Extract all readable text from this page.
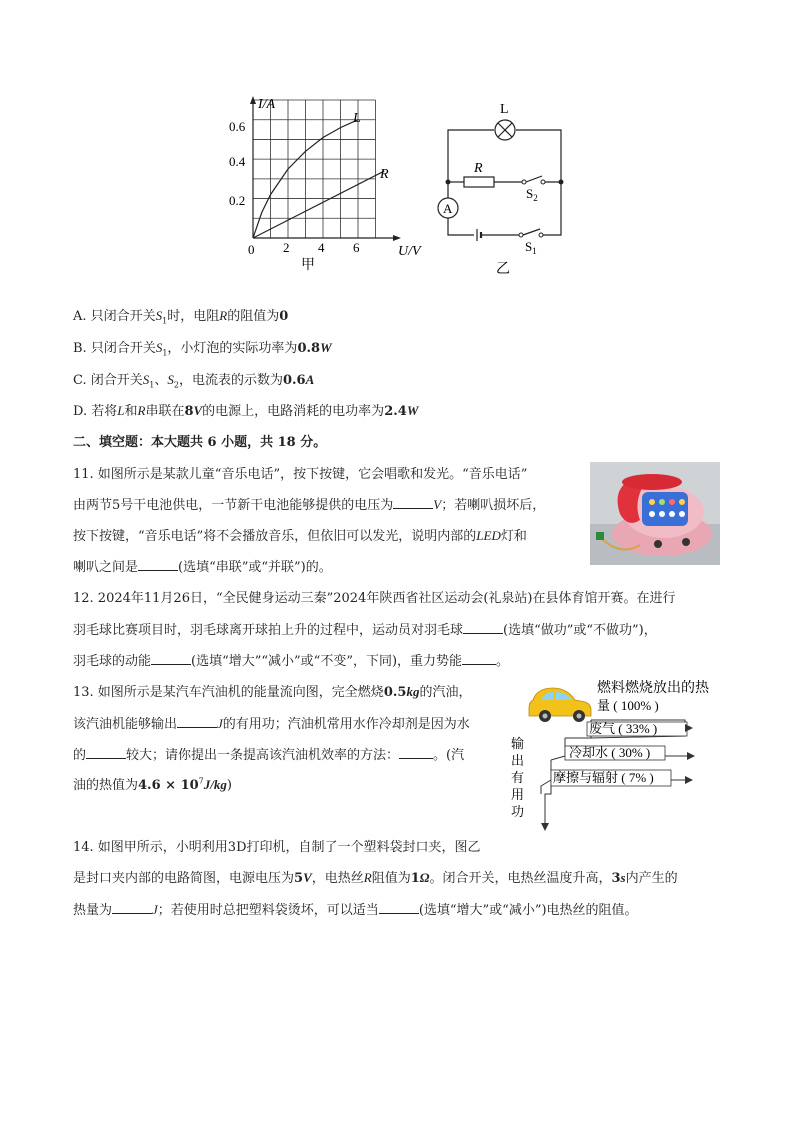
I/A
U/V
0.6
0.4
0.2
0 2 4 6
L
R
甲
L
R
A
$S_2$
$S_1$
乙
A. 只闭合开关$S_1$时，电阻R的阻值为0
B. 只闭合开关$S_1$，小灯泡的实际功率为0.8W
C. 闭合开关$S_1$、$S_2$，电流表的示数为0.6A
D. 若将L和R串联在8V的电源上，电路消耗的电功率为2.4W
二、填空题：本大题共 6 小题，共 18 分。
11. 如图所示是某款儿童“音乐电话”，按下按键，它会唱歌和发光。“音乐电话”
由两节5号干电池供电，一节新干电池能够提供的电压为	V；若喇叭损坏后，
按下按键，“音乐电话”将不会播放音乐，但依旧可以发光，说明内部的LED灯和
喇叭之间是	(选填“串联”或“并联”)的。
12. 2024年11月26日，“全民健身运动三秦”2024年陕西省社区运动会(礼泉站)在县体育馆开赛。在进行
羽毛球比赛项目时，羽毛球离开球拍上升的过程中，运动员对羽毛球	(选填“做功”或“不做功”)，
羽毛球的动能	(选填“增大”“减小”或“不变”，下同)，重力势能	。
13. 如图所示是某汽车汽油机的能量流向图，完全燃烧0.5kg的汽油，
该汽油机能够输出	J的有用功；汽油机常用水作冷却剂是因为水
的	较大；请你提出一条提高该汽油机效率的方法：	。(汽
油的热值为$4.6 \times 10^7J/kg$)
燃料燃烧放出的热
量 ( 100% )
废气 ( 33% )
冷却水 ( 30% )
摩擦与辐射 ( 7% )
输
出
有
用
功
14. 如图甲所示，小明利用3D打印机，自制了一个塑料袋封口夹，图乙
是封口夹内部的电路简图，电源电压为5V，电热丝R阻值为1Ω。闭合开关，电热丝温度升高，3s内产生的
热量为	J；若使用时总把塑料袋烫坏，可以适当	(选填“增大”或“减小”)电热丝的阻值。
